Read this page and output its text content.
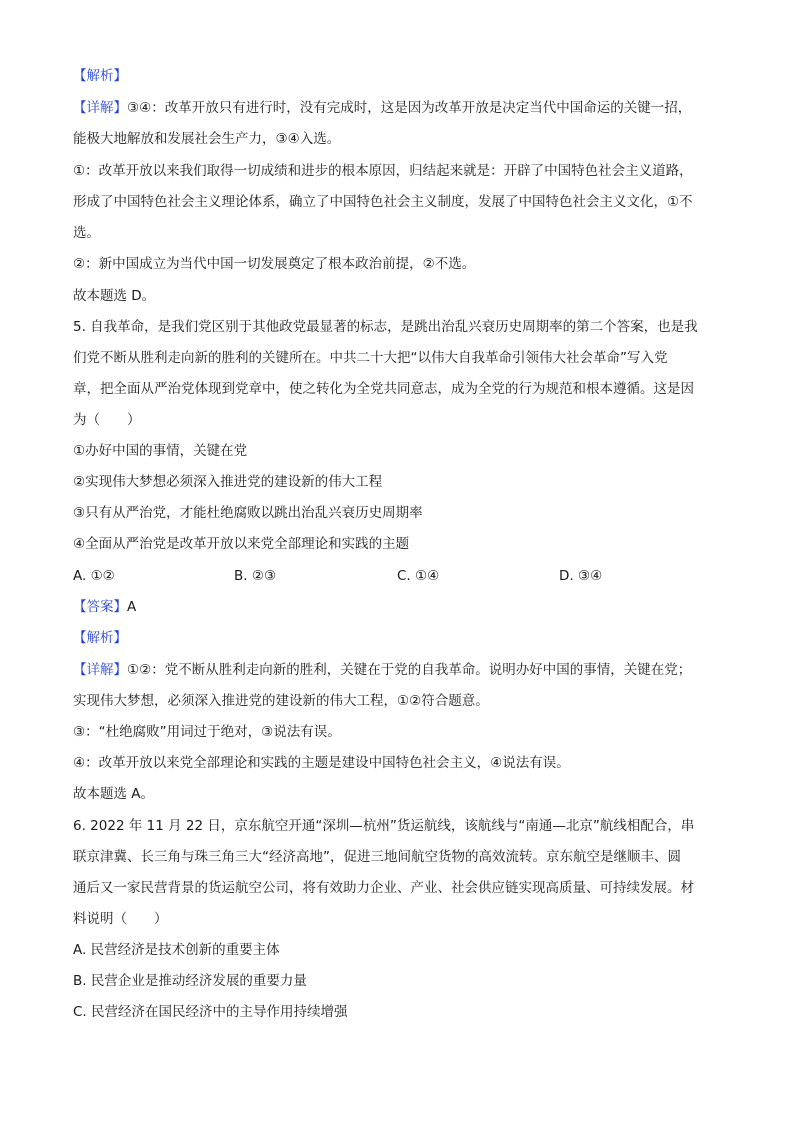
【解析】
【详解】③④：改革开放只有进行时，没有完成时，这是因为改革开放是决定当代中国命运的关键一招，
能极大地解放和发展社会生产力，③④入选。
①：改革开放以来我们取得一切成绩和进步的根本原因，归结起来就是：开辟了中国特色社会主义道路，
形成了中国特色社会主义理论体系，确立了中国特色社会主义制度，发展了中国特色社会主义文化，①不
选。
②：新中国成立为当代中国一切发展奠定了根本政治前提，②不选。
故本题选 D。
5. 自我革命，是我们党区别于其他政党最显著的标志，是跳出治乱兴衰历史周期率的第二个答案，也是我
们党不断从胜利走向新的胜利的关键所在。中共二十大把“以伟大自我革命引领伟大社会革命”写入党
章，把全面从严治党体现到党章中，使之转化为全党共同意志，成为全党的行为规范和根本遵循。这是因
为（　　）
①办好中国的事情，关键在党
②实现伟大梦想必须深入推进党的建设新的伟大工程
③只有从严治党，才能杜绝腐败以跳出治乱兴衰历史周期率
④全面从严治党是改革开放以来党全部理论和实践的主题
A. ①②	B. ②③	C. ①④	D. ③④
【答案】A
【解析】
【详解】①②：党不断从胜利走向新的胜利，关键在于党的自我革命。说明办好中国的事情，关键在党；
实现伟大梦想，必须深入推进党的建设新的伟大工程，①②符合题意。
③：“杜绝腐败”用词过于绝对，③说法有误。
④：改革开放以来党全部理论和实践的主题是建设中国特色社会主义，④说法有误。
故本题选 A。
6. 2022 年 11 月 22 日，京东航空开通“深圳—杭州”货运航线，该航线与“南通—北京”航线相配合，串
联京津冀、长三角与珠三角三大“经济高地”，促进三地间航空货物的高效流转。京东航空是继顺丰、圆
通后又一家民营背景的货运航空公司，将有效助力企业、产业、社会供应链实现高质量、可持续发展。材
料说明（　　）
A. 民营经济是技术创新的重要主体
B. 民营企业是推动经济发展的重要力量
C. 民营经济在国民经济中的主导作用持续增强
